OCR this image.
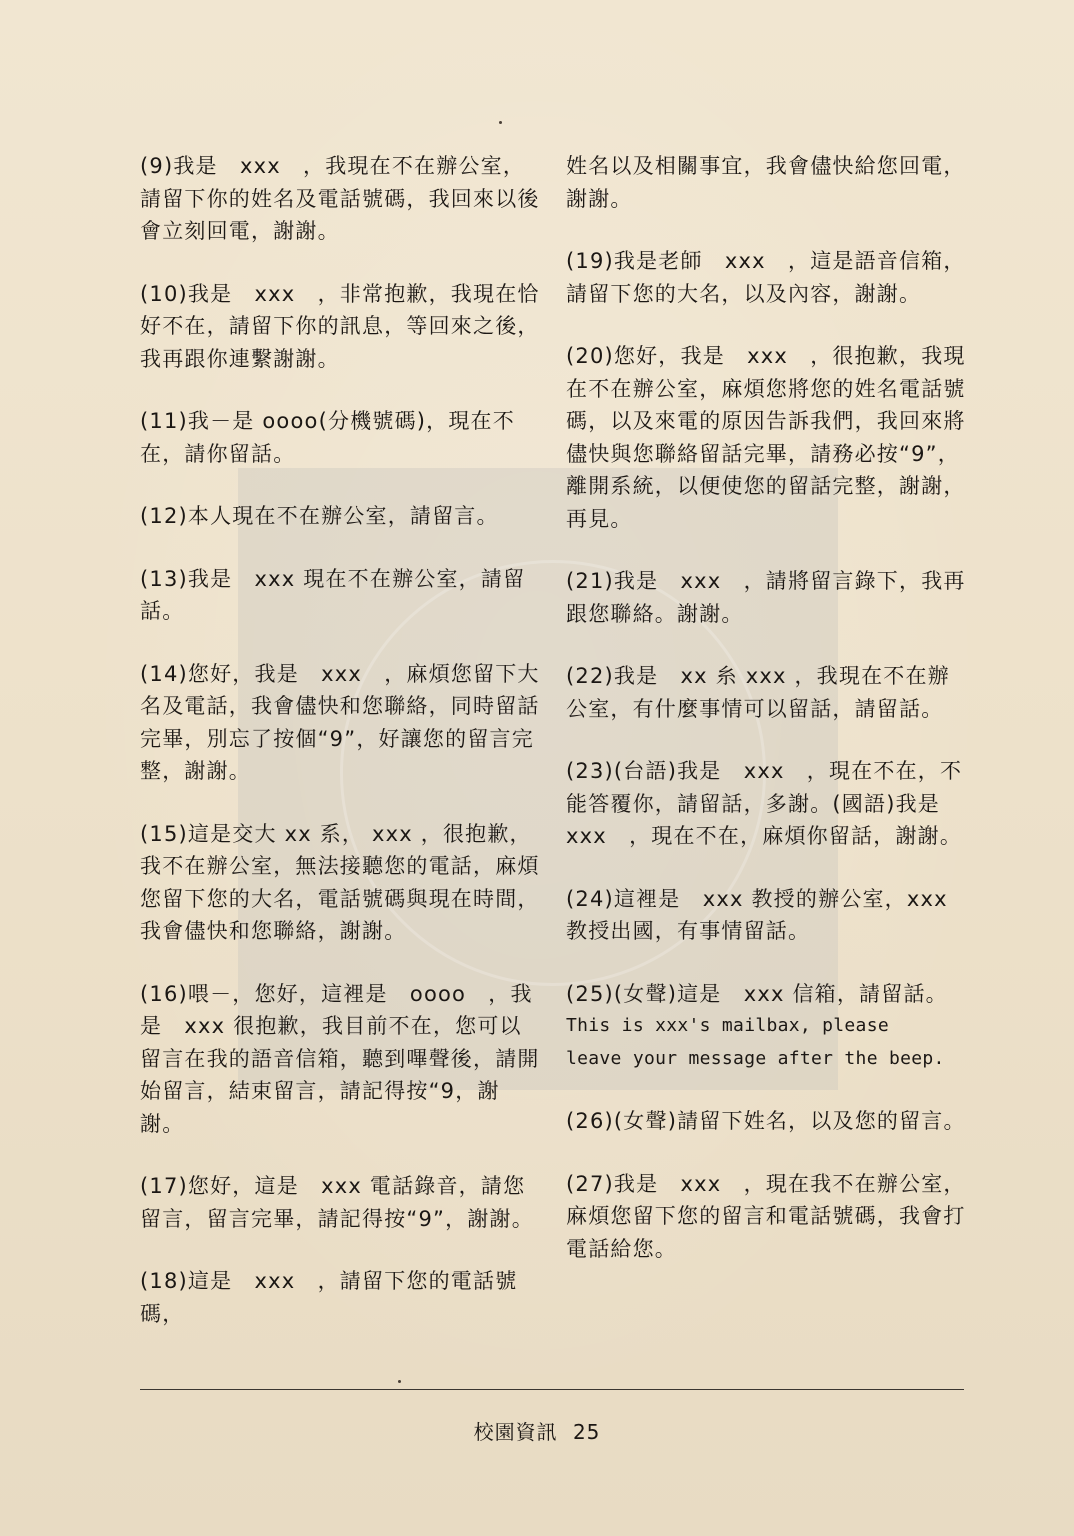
(9)我是　xxx　，我現在不在辦公室，請留下你的姓名及電話號碼，我回來以後會立刻回電，謝謝。
(10)我是　xxx　，非常抱歉，我現在恰好不在，請留下你的訊息，等回來之後，我再跟你連繫謝謝。
(11)我－是 oooo(分機號碼)，現在不在，請你留話。
(12)本人現在不在辦公室，請留言。
(13)我是　xxx 現在不在辦公室，請留話。
(14)您好，我是　xxx　，麻煩您留下大名及電話，我會儘快和您聯絡，同時留話完畢，別忘了按個“9”，好讓您的留言完整，謝謝。
(15)這是交大 xx 系， xxx ，很抱歉，我不在辦公室，無法接聽您的電話，麻煩您留下您的大名，電話號碼與現在時間，我會儘快和您聯絡，謝謝。
(16)喂－，您好，這裡是　oooo　，我是　xxx 很抱歉，我目前不在，您可以留言在我的語音信箱，聽到嗶聲後，請開始留言，結束留言，請記得按“9，謝謝。
(17)您好，這是　xxx 電話錄音，請您留言，留言完畢，請記得按“9”，謝謝。
(18)這是　xxx　，請留下您的電話號碼，
姓名以及相關事宜，我會儘快給您回電，謝謝。
(19)我是老師　xxx　，這是語音信箱，請留下您的大名，以及內容，謝謝。
(20)您好，我是　xxx　，很抱歉，我現在不在辦公室，麻煩您將您的姓名電話號碼，以及來電的原因告訴我們，我回來將儘快與您聯絡留話完畢，請務必按“9”，離開系統，以便使您的留話完整，謝謝，再見。
(21)我是　xxx　，請將留言錄下，我再跟您聯絡。謝謝。
(22)我是　xx 糸 xxx ，我現在不在辦公室，有什麼事情可以留話，請留話。
(23)(台語)我是　xxx　，現在不在，不能答覆你，請留話，多謝。(國語)我是　xxx　，現在不在，麻煩你留話，謝謝。
(24)這裡是　xxx 教授的辦公室，xxx 教授出國，有事情留話。
(25)(女聲)這是　xxx 信箱，請留話。
This is xxx's mailbax, please
leave your message after the beep.
(26)(女聲)請留下姓名，以及您的留言。
(27)我是　xxx　，現在我不在辦公室，麻煩您留下您的留言和電話號碼，我會打電話給您。
校園資訊 25
